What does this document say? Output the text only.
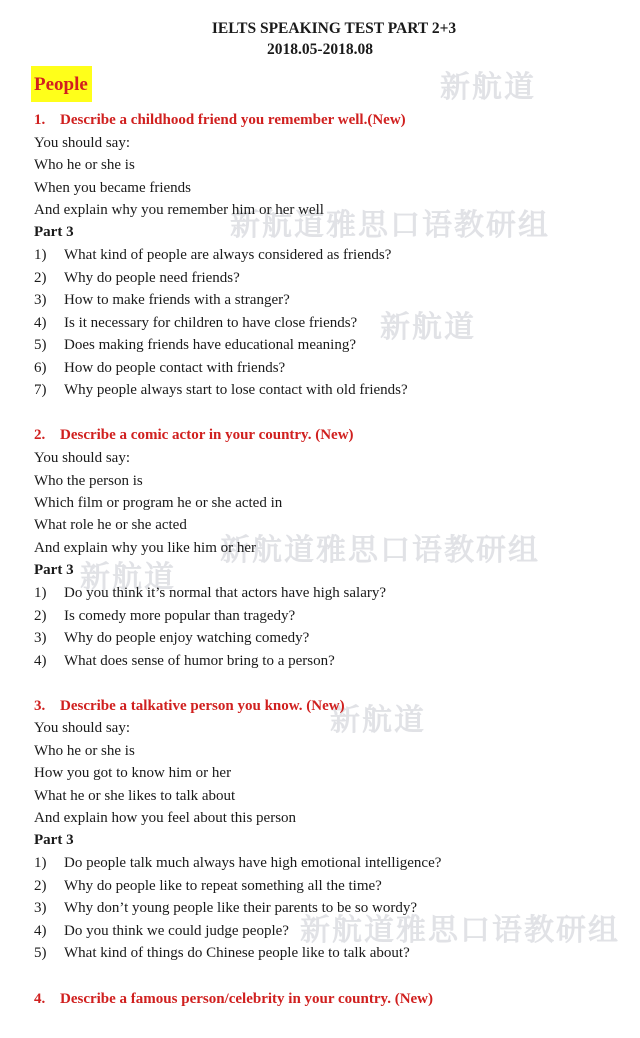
新航道
新航道
新航道
新航道
新航道雅思口语教研组
新航道雅思口语教研组
新航道雅思口语教研组
IELTS SPEAKING TEST PART 2+3
2018.05-2018.08
People
1. Describe a childhood friend you remember well.(New)
You should say:
Who he or she is
When you became friends
And explain why you remember him or her well
Part 3
1) What kind of people are always considered as friends?
2) Why do people need friends?
3) How to make friends with a stranger?
4) Is it necessary for children to have close friends?
5) Does making friends have educational meaning?
6) How do people contact with friends?
7) Why people always start to lose contact with old friends?
2. Describe a comic actor in your country. (New)
You should say:
Who the person is
Which film or program he or she acted in
What role he or she acted
And explain why you like him or her
Part 3
1) Do you think it’s normal that actors have high salary?
2) Is comedy more popular than tragedy?
3) Why do people enjoy watching comedy?
4) What does sense of humor bring to a person?
3. Describe a talkative person you know. (New)
You should say:
Who he or she is
How you got to know him or her
What he or she likes to talk about
And explain how you feel about this person
Part 3
1) Do people talk much always have high emotional intelligence?
2) Why do people like to repeat something all the time?
3) Why don’t young people like their parents to be so wordy?
4) Do you think we could judge people?
5) What kind of things do Chinese people like to talk about?
4. Describe a famous person/celebrity in your country. (New)
